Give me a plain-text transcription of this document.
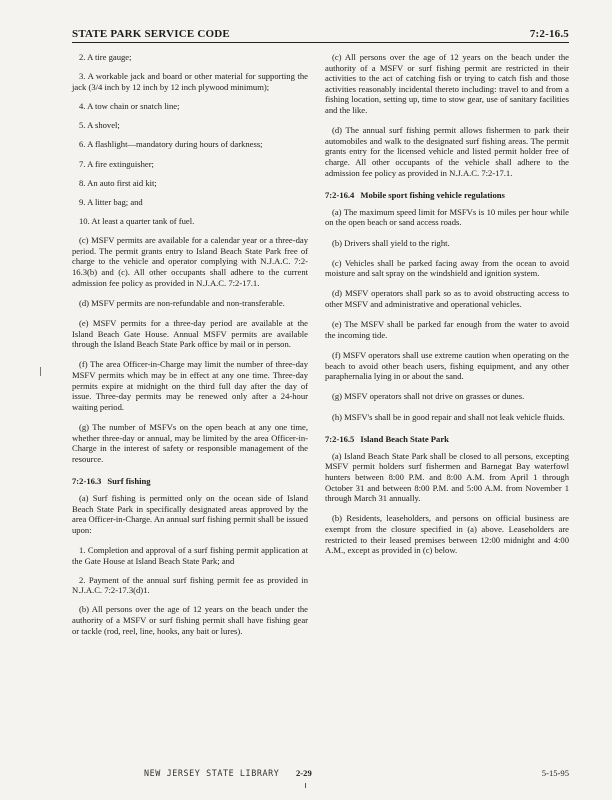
STATE PARK SERVICE CODE	7:2-16.5

2. A tire gauge;

3. A workable jack and board or other material for supporting the jack (3/4 inch by 12 inch by 12 inch plywood minimum);

4. A tow chain or snatch line;

5. A shovel;

6. A flashlight—mandatory during hours of darkness;

7. A fire extinguisher;

8. An auto first aid kit;

9. A litter bag; and

10. At least a quarter tank of fuel.

(c) MSFV permits are available for a calendar year or a three-day period. The permit grants entry to Island Beach State Park free of charge to the vehicle and operator complying with N.J.A.C. 7:2-16.3(b) and (c). All other occupants shall adhere to the current admission fee policy as provided in N.J.A.C. 7:2-17.1.

(d) MSFV permits are non-refundable and non-transferable.

(e) MSFV permits for a three-day period are available at the Island Beach Gate House. Annual MSFV permits are available through the Island Beach State Park office by mail or in person.

(f) The area Officer-in-Charge may limit the number of three-day MSFV permits which may be in effect at any one time. Three-day permits expire at midnight on the third full day after the day of issue. Three-day permits may be renewed only after a 24-hour waiting period.

(g) The number of MSFVs on the open beach at any one time, whether three-day or annual, may be limited by the area Officer-in-Charge in the interest of safety or responsible management of the resource.

7:2-16.3 Surf fishing

(a) Surf fishing is permitted only on the ocean side of Island Beach State Park in specifically designated areas approved by the area Officer-in-Charge. An annual surf fishing permit shall be issued upon:

1. Completion and approval of a surf fishing permit application at the Gate House at Island Beach State Park; and

2. Payment of the annual surf fishing permit fee as provided in N.J.A.C. 7:2-17.3(d)1.

(b) All persons over the age of 12 years on the beach under the authority of a MSFV or surf fishing permit shall have fishing gear or tackle (rod, reel, line, hooks, any bait or lures).

(c) All persons over the age of 12 years on the beach under the authority of a MSFV or surf fishing permit are restricted in their activities to the act of catching fish or trying to catch fish and those activities reasonably incidental thereto including: travel to and from a fishing location, setting up, time to stow gear, use of sanitary facilities and the like.

(d) The annual surf fishing permit allows fishermen to park their automobiles and walk to the designated surf fishing areas. The permit grants entry for the licensed vehicle and listed permit holder free of charge. All other occupants of the vehicle shall adhere to the admission fee policy as provided in N.J.A.C. 7:2-17.1.

7:2-16.4 Mobile sport fishing vehicle regulations

(a) The maximum speed limit for MSFVs is 10 miles per hour while on the open beach or sand access roads.

(b) Drivers shall yield to the right.

(c) Vehicles shall be parked facing away from the ocean to avoid moisture and salt spray on the windshield and ignition system.

(d) MSFV operators shall park so as to avoid obstructing access to other MSFV and administrative and operational vehicles.

(e) The MSFV shall be parked far enough from the water to avoid the incoming tide.

(f) MSFV operators shall use extreme caution when operating on the beach to avoid other beach users, fishing equipment, and any other paraphernalia lying in or about the sand.

(g) MSFV operators shall not drive on grasses or dunes.

(h) MSFV's shall be in good repair and shall not leak vehicle fluids.

7:2-16.5 Island Beach State Park

(a) Island Beach State Park shall be closed to all persons, excepting MSFV permit holders surf fishermen and Barnegat Bay waterfowl hunters between 8:00 P.M. and 8:00 A.M. from April 1 through October 31 and between 8:00 P.M. and 5:00 A.M. from November 1 through March 31 annually.

(b) Residents, leaseholders, and persons on official business are exempt from the closure specified in (a) above. Leaseholders are restricted to their leased premises between 12:00 midnight and 4:00 A.M., except as provided in (c) below.

NEW JERSEY STATE LIBRARY 2-29	5-15-95
